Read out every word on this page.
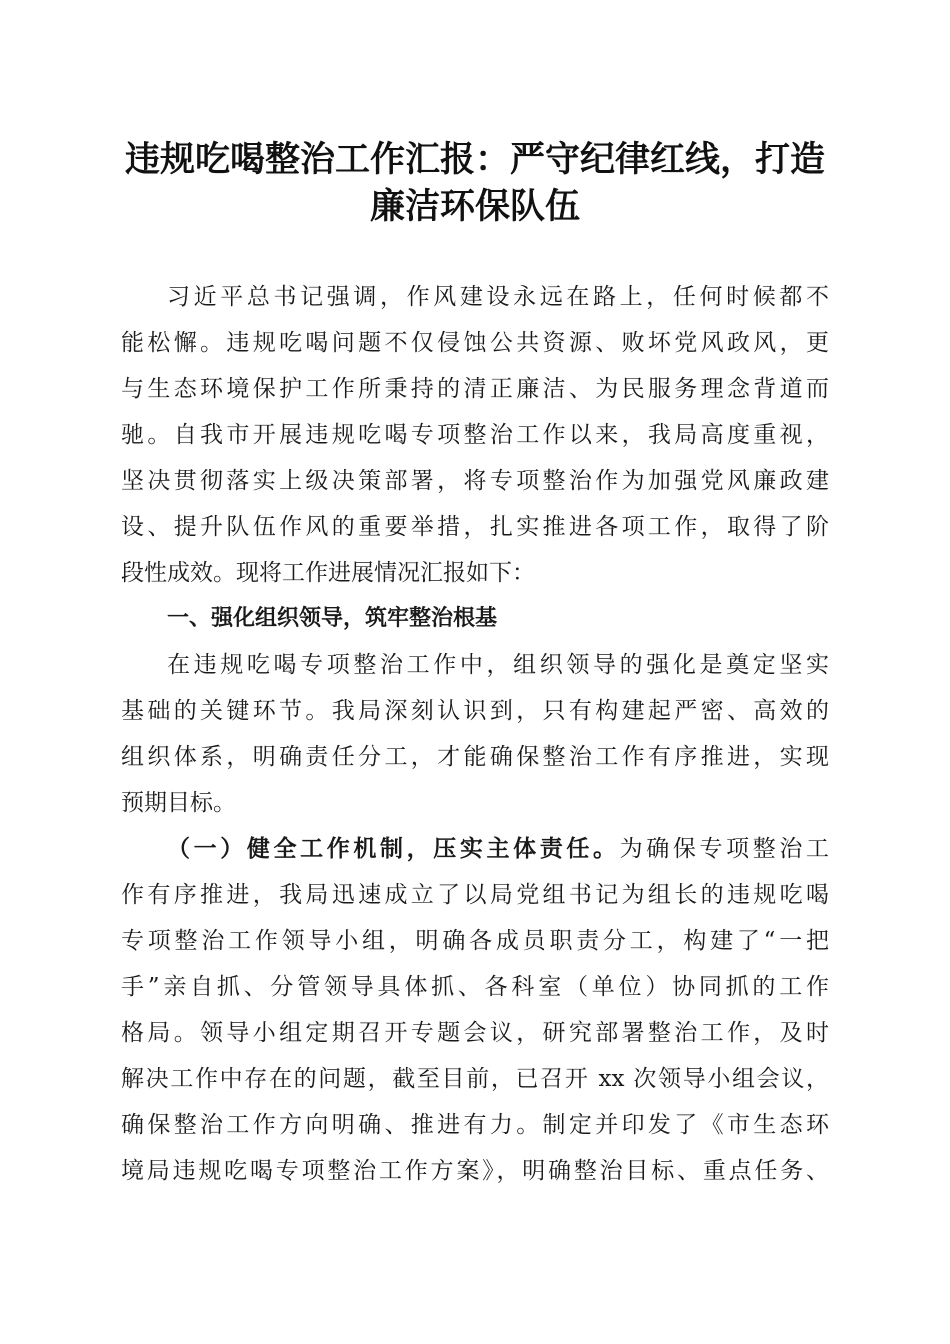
违规吃喝整治工作汇报：严守纪律红线，打造
廉洁环保队伍

习近平总书记强调，作风建设永远在路上，任何时候都不

能松懈。违规吃喝问题不仅侵蚀公共资源、败坏党风政风，更

与生态环境保护工作所秉持的清正廉洁、为民服务理念背道而

驰。自我市开展违规吃喝专项整治工作以来，我局高度重视，

坚决贯彻落实上级决策部署，将专项整治作为加强党风廉政建

设、提升队伍作风的重要举措，扎实推进各项工作，取得了阶

段性成效。现将工作进展情况汇报如下：

一、强化组织领导，筑牢整治根基

在违规吃喝专项整治工作中，组织领导的强化是奠定坚实

基础的关键环节。我局深刻认识到，只有构建起严密、高效的

组织体系，明确责任分工，才能确保整治工作有序推进，实现

预期目标。

（一）健全工作机制，压实主体责任。为确保专项整治工

作有序推进，我局迅速成立了以局党组书记为组长的违规吃喝

专项整治工作领导小组，明确各成员职责分工，构建了“一把

手”亲自抓、分管领导具体抓、各科室（单位）协同抓的工作

格局。领导小组定期召开专题会议，研究部署整治工作，及时

解决工作中存在的问题，截至目前，已召开 xx 次领导小组会议，

确保整治工作方向明确、推进有力。制定并印发了《市生态环

境局违规吃喝专项整治工作方案》，明确整治目标、重点任务、
